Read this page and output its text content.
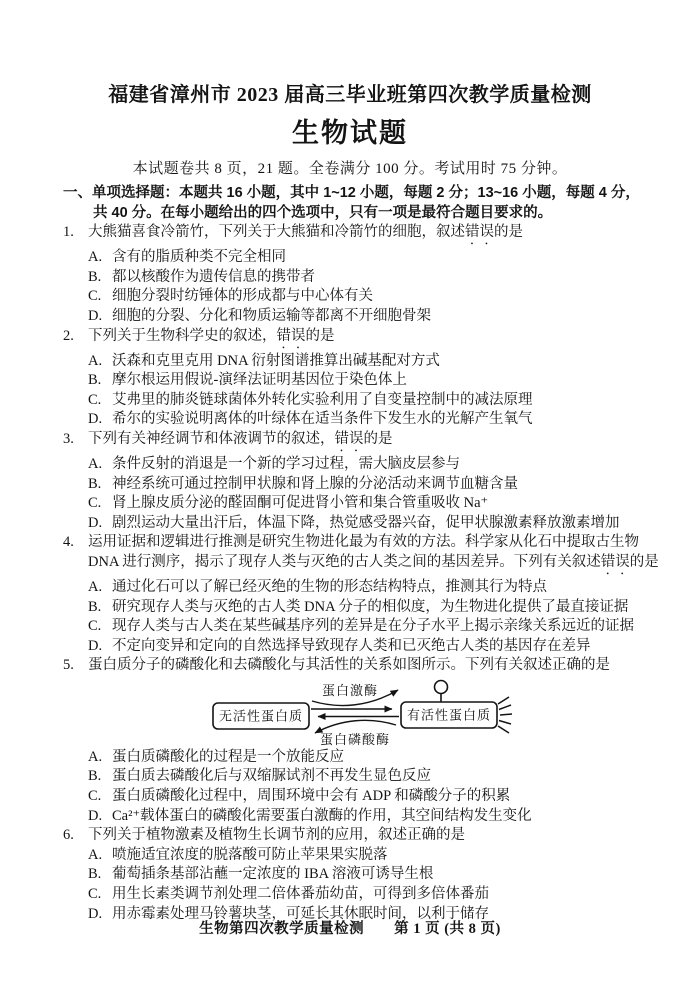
福建省漳州市 2023 届高三毕业班第四次教学质量检测
生物试题
本试题卷共 8 页，21 题。全卷满分 100 分。考试用时 75 分钟。
一、单项选择题：本题共 16 小题，其中 1~12 小题，每题 2 分；13~16 小题，每题 4 分，
共 40 分。在每小题给出的四个选项中，只有一项是最符合题目要求的。
1. 大熊猫喜食冷箭竹，下列关于大熊猫和冷箭竹的细胞，叙述错误的是
A. 含有的脂质种类不完全相同
B. 都以核酸作为遗传信息的携带者
C. 细胞分裂时纺锤体的形成都与中心体有关
D. 细胞的分裂、分化和物质运输等都离不开细胞骨架
2. 下列关于生物科学史的叙述，错误的是
A. 沃森和克里克用 DNA 衍射图谱推算出碱基配对方式
B. 摩尔根运用假说-演绎法证明基因位于染色体上
C. 艾弗里的肺炎链球菌体外转化实验利用了自变量控制中的减法原理
D. 希尔的实验说明离体的叶绿体在适当条件下发生水的光解产生氧气
3. 下列有关神经调节和体液调节的叙述，错误的是
A. 条件反射的消退是一个新的学习过程，需大脑皮层参与
B. 神经系统可通过控制甲状腺和肾上腺的分泌活动来调节血糖含量
C. 肾上腺皮质分泌的醛固酮可促进肾小管和集合管重吸收 Na⁺
D. 剧烈运动大量出汗后，体温下降，热觉感受器兴奋，促甲状腺激素释放激素增加
4. 运用证据和逻辑进行推测是研究生物进化最为有效的方法。科学家从化石中提取古生物
DNA 进行测序，揭示了现存人类与灭绝的古人类之间的基因差异。下列有关叙述错误的是
A. 通过化石可以了解已经灭绝的生物的形态结构特点，推测其行为特点
B. 研究现存人类与灭绝的古人类 DNA 分子的相似度，为生物进化提供了最直接证据
C. 现存人类与古人类在某些碱基序列的差异是在分子水平上揭示亲缘关系远近的证据
D. 不定向变异和定向的自然选择导致现存人类和已灭绝古人类的基因存在差异
5. 蛋白质分子的磷酸化和去磷酸化与其活性的关系如图所示。下列有关叙述正确的是
无活性蛋白质	有活性蛋白质
蛋白激酶
蛋白磷酸酶
A. 蛋白质磷酸化的过程是一个放能反应
B. 蛋白质去磷酸化后与双缩脲试剂不再发生显色反应
C. 蛋白质磷酸化过程中，周围环境中会有 ADP 和磷酸分子的积累
D. Ca²⁺载体蛋白的磷酸化需要蛋白激酶的作用，其空间结构发生变化
6. 下列关于植物激素及植物生长调节剂的应用，叙述正确的是
A. 喷施适宜浓度的脱落酸可防止苹果果实脱落
B. 葡萄插条基部沾蘸一定浓度的 IBA 溶液可诱导生根
C. 用生长素类调节剂处理二倍体番茄幼苗，可得到多倍体番茄
D. 用赤霉素处理马铃薯块茎，可延长其休眠时间，以利于储存
生物第四次教学质量检测　　第 1 页 (共 8 页)
